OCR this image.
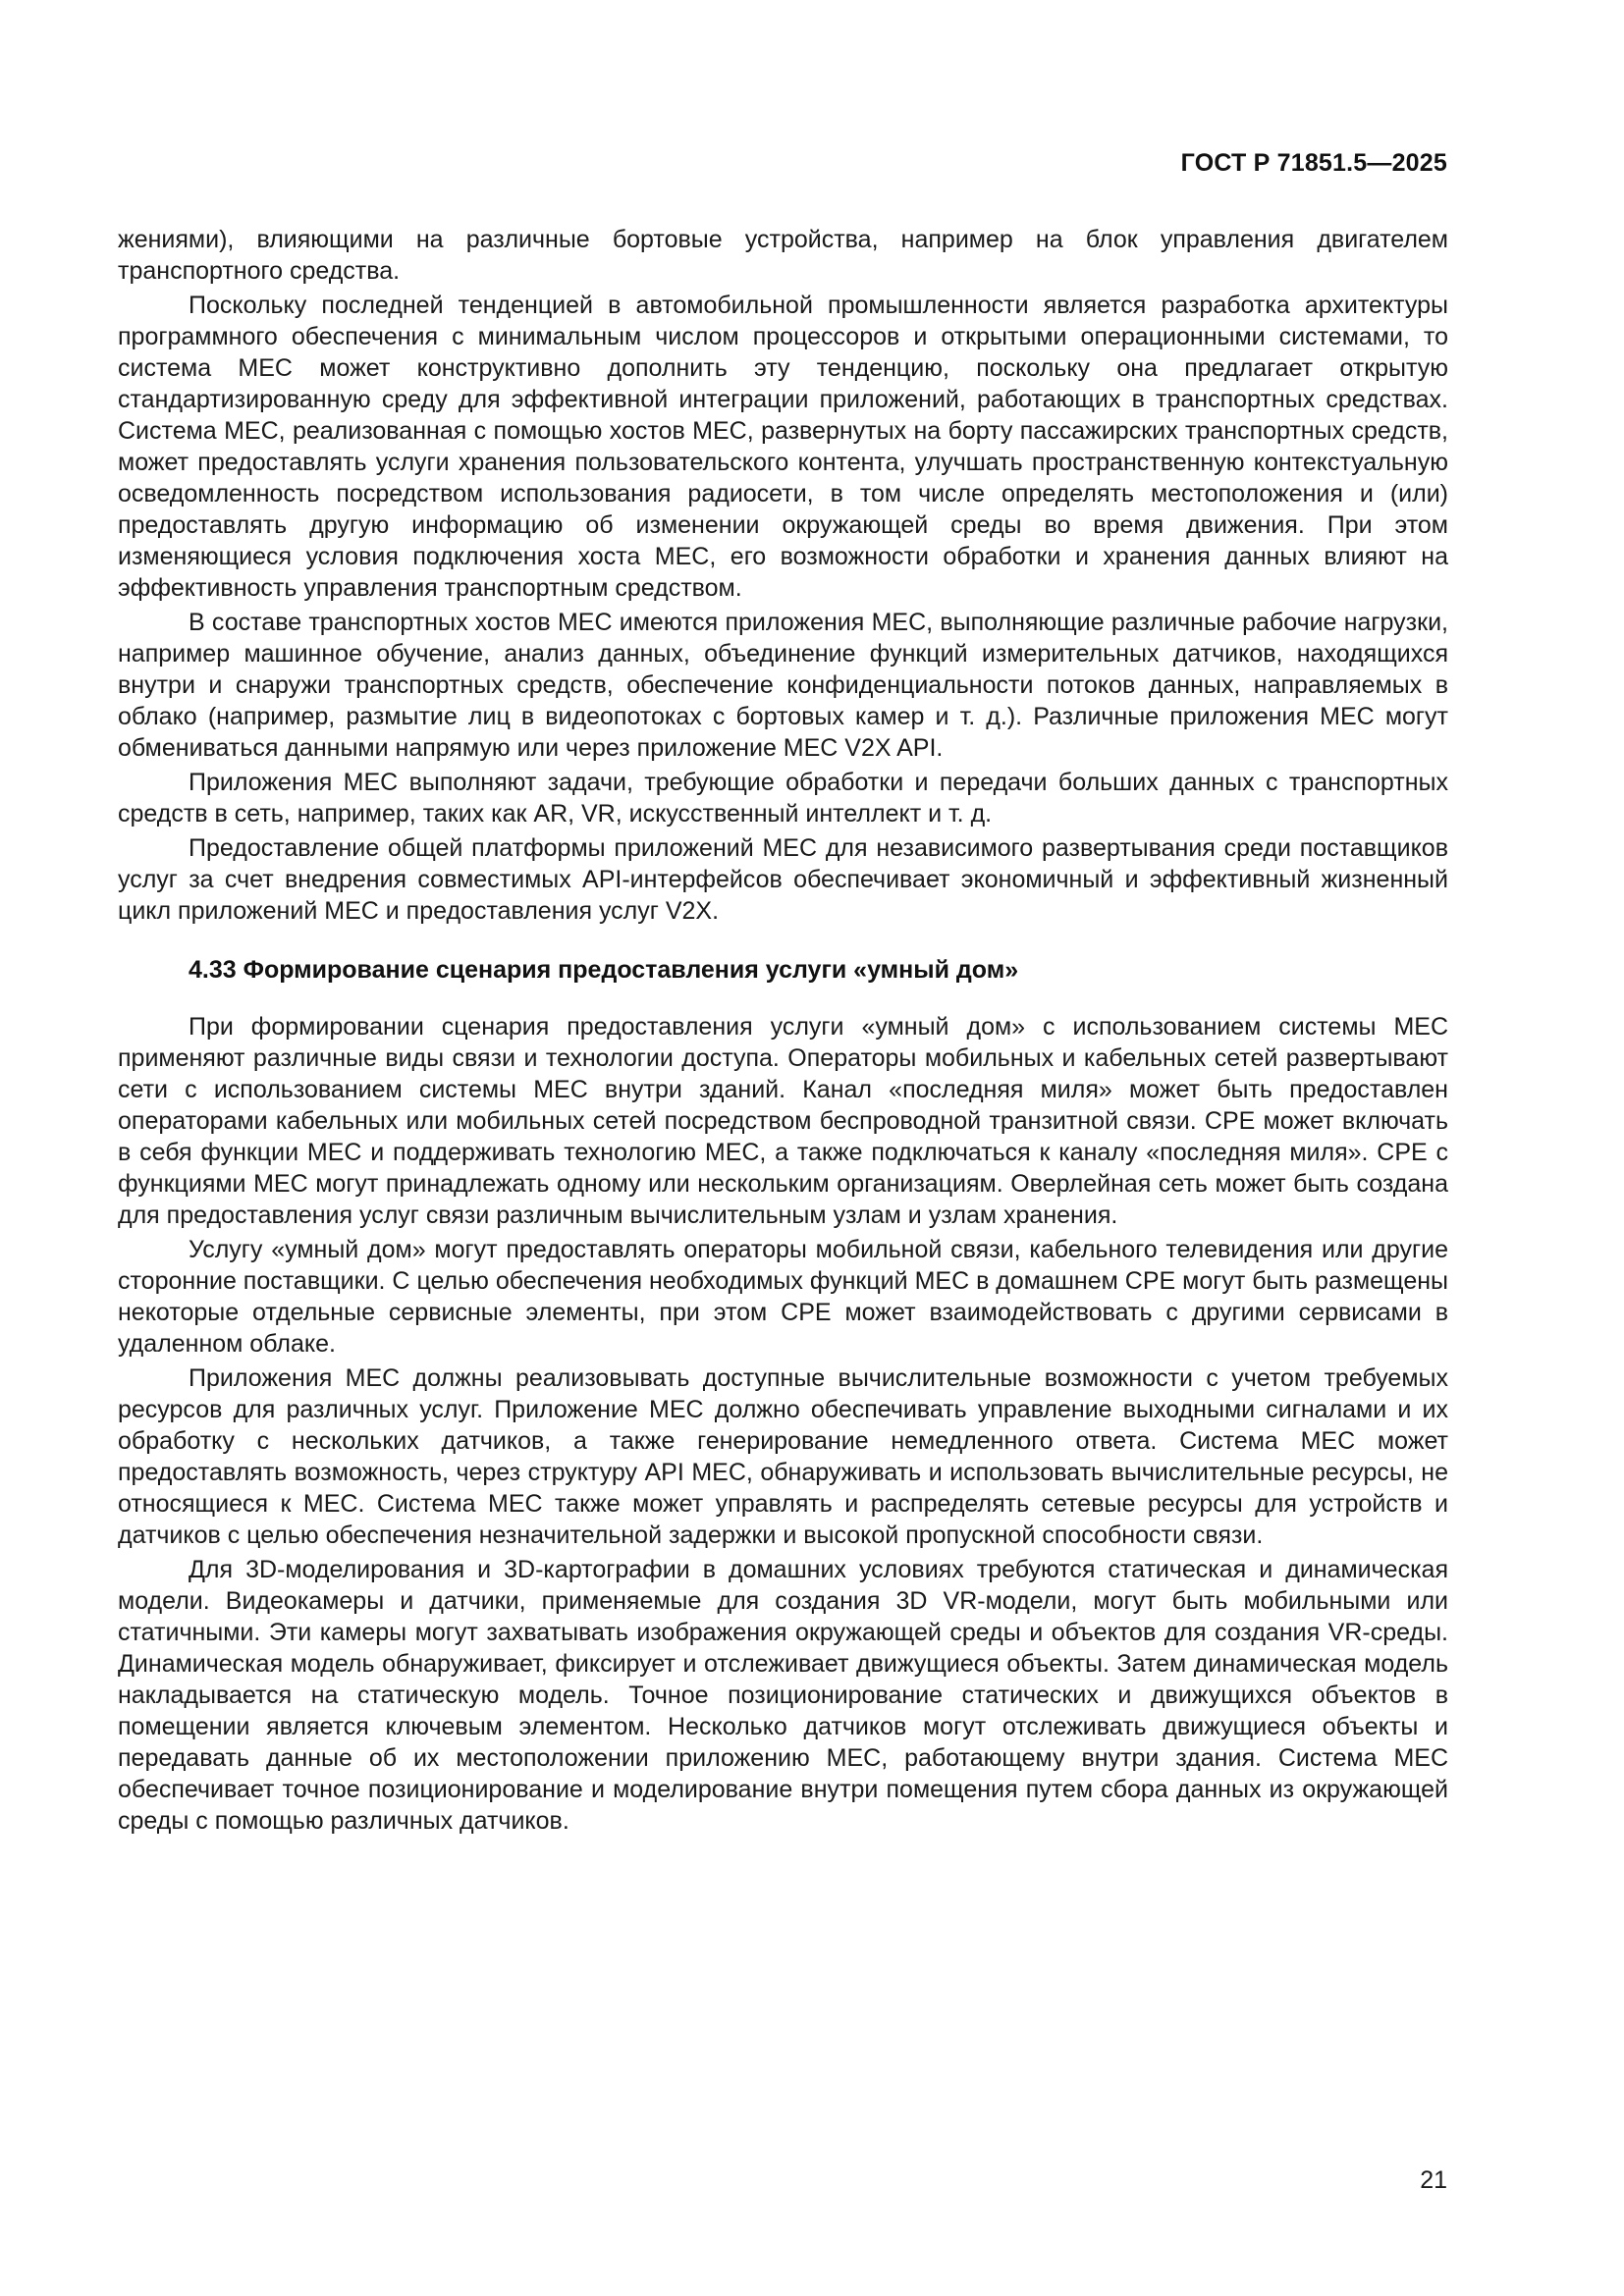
ГОСТ Р 71851.5—2025

жениями), влияющими на различные бортовые устройства, например на блок управления двигателем транспортного средства.

Поскольку последней тенденцией в автомобильной промышленности является разработка архитектуры программного обеспечения с минимальным числом процессоров и открытыми операционными системами, то система MEC может конструктивно дополнить эту тенденцию, поскольку она предлагает открытую стандартизированную среду для эффективной интеграции приложений, работающих в транспортных средствах. Система MEC, реализованная с помощью хостов MEC, развернутых на борту пассажирских транспортных средств, может предоставлять услуги хранения пользовательского контента, улучшать пространственную контекстуальную осведомленность посредством использования радиосети, в том числе определять местоположения и (или) предоставлять другую информацию об изменении окружающей среды во время движения. При этом изменяющиеся условия подключения хоста MEC, его возможности обработки и хранения данных влияют на эффективность управления транспортным средством.

В составе транспортных хостов MEC имеются приложения MEC, выполняющие различные рабочие нагрузки, например машинное обучение, анализ данных, объединение функций измерительных датчиков, находящихся внутри и снаружи транспортных средств, обеспечение конфиденциальности потоков данных, направляемых в облако (например, размытие лиц в видеопотоках с бортовых камер и т. д.). Различные приложения MEC могут обмениваться данными напрямую или через приложение MEC V2X API.

Приложения MEC выполняют задачи, требующие обработки и передачи больших данных с транспортных средств в сеть, например, таких как AR, VR, искусственный интеллект и т. д.

Предоставление общей платформы приложений MEC для независимого развертывания среди поставщиков услуг за счет внедрения совместимых API-интерфейсов обеспечивает экономичный и эффективный жизненный цикл приложений MEC и предоставления услуг V2X.

4.33 Формирование сценария предоставления услуги «умный дом»

При формировании сценария предоставления услуги «умный дом» с использованием системы MEC применяют различные виды связи и технологии доступа. Операторы мобильных и кабельных сетей развертывают сети с использованием системы MEC внутри зданий. Канал «последняя миля» может быть предоставлен операторами кабельных или мобильных сетей посредством беспроводной транзитной связи. CPE может включать в себя функции MEC и поддерживать технологию MEC, а также подключаться к каналу «последняя миля». CPE с функциями MEC могут принадлежать одному или нескольким организациям. Оверлейная сеть может быть создана для предоставления услуг связи различным вычислительным узлам и узлам хранения.

Услугу «умный дом» могут предоставлять операторы мобильной связи, кабельного телевидения или другие сторонние поставщики. С целью обеспечения необходимых функций MEC в домашнем CPE могут быть размещены некоторые отдельные сервисные элементы, при этом CPE может взаимодействовать с другими сервисами в удаленном облаке.

Приложения MEC должны реализовывать доступные вычислительные возможности с учетом требуемых ресурсов для различных услуг. Приложение MEC должно обеспечивать управление выходными сигналами и их обработку с нескольких датчиков, а также генерирование немедленного ответа. Система MEC может предоставлять возможность, через структуру API MEC, обнаруживать и использовать вычислительные ресурсы, не относящиеся к MEC. Система MEC также может управлять и распределять сетевые ресурсы для устройств и датчиков с целью обеспечения незначительной задержки и высокой пропускной способности связи.

Для 3D-моделирования и 3D-картографии в домашних условиях требуются статическая и динамическая модели. Видеокамеры и датчики, применяемые для создания 3D VR-модели, могут быть мобильными или статичными. Эти камеры могут захватывать изображения окружающей среды и объектов для создания VR-среды. Динамическая модель обнаруживает, фиксирует и отслеживает движущиеся объекты. Затем динамическая модель накладывается на статическую модель. Точное позиционирование статических и движущихся объектов в помещении является ключевым элементом. Несколько датчиков могут отслеживать движущиеся объекты и передавать данные об их местоположении приложению MEC, работающему внутри здания. Система MEC обеспечивает точное позиционирование и моделирование внутри помещения путем сбора данных из окружающей среды с помощью различных датчиков.

21
